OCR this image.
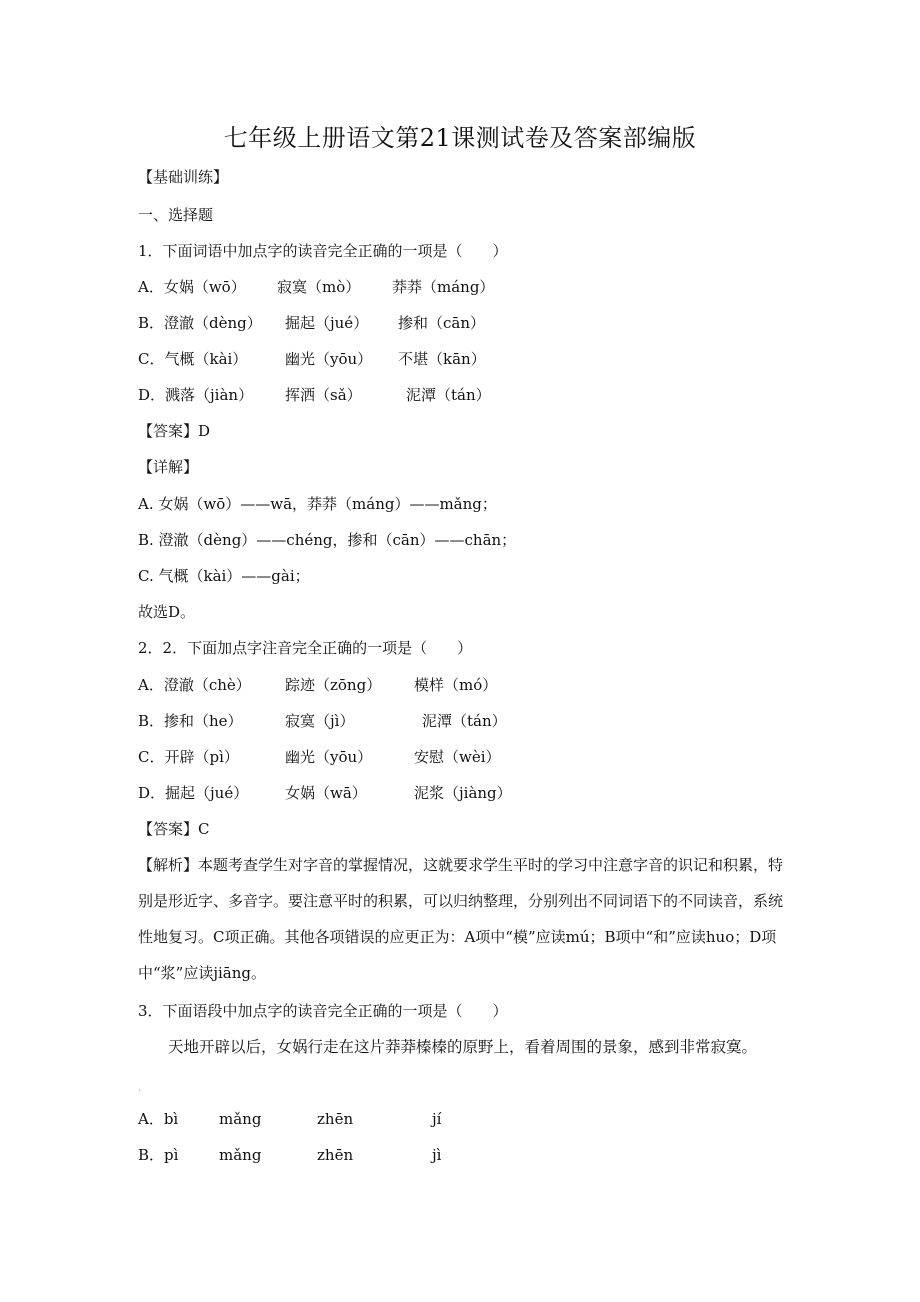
七年级上册语文第21课测试卷及答案部编版
【基础训练】
一、选择题
1．下面词语中加点字的读音完全正确的一项是（　　）
A．女娲（wō） 寂寞（mò） 莽莽（máng）
B．澄澈（dèng） 掘起（jué） 掺和（cān）
C．气概（kài）	幽光（yōu） 不堪（kān）
D．溅落（jiàn） 挥洒（sǎ）	泥潭（tán）
【答案】D
【详解】
A. 女娲（wō）——wā，莽莽（máng）——mǎng；
B. 澄澈（dèng）——chéng，掺和（cān）——chān；
C. 气概（kài）——gài；
故选D。
2．2．下面加点字注音完全正确的一项是（　　）
A．澄澈（chè） 踪迹（zōng） 模样（mó）
B．掺和（he）	寂寞（jì）	泥潭（tán）
C．开辟（pì）	幽光（yōu）	安慰（wèi）
D．掘起（jué） 女娲（wā）	泥浆（jiàng）
【答案】C
【解析】本题考查学生对字音的掌握情况，这就要求学生平时的学习中注意字音的识记和积累，特别是形近字、多音字。要注意平时的积累，可以归纳整理，分别列出不同词语下的不同读音，系统性地复习。C项正确。其他各项错误的应更正为：A项中“模”应读mú；B项中“和”应读huo；D项中“浆”应读jiāng。
3．下面语段中加点字的读音完全正确的一项是（　　）
天地开辟以后，女娲行走在这片莽莽榛榛的原野上，看着周围的景象，感到非常寂寞。
·
A．bì	mǎng	zhēn	jí
B．pì	mǎng	zhēn	jì
